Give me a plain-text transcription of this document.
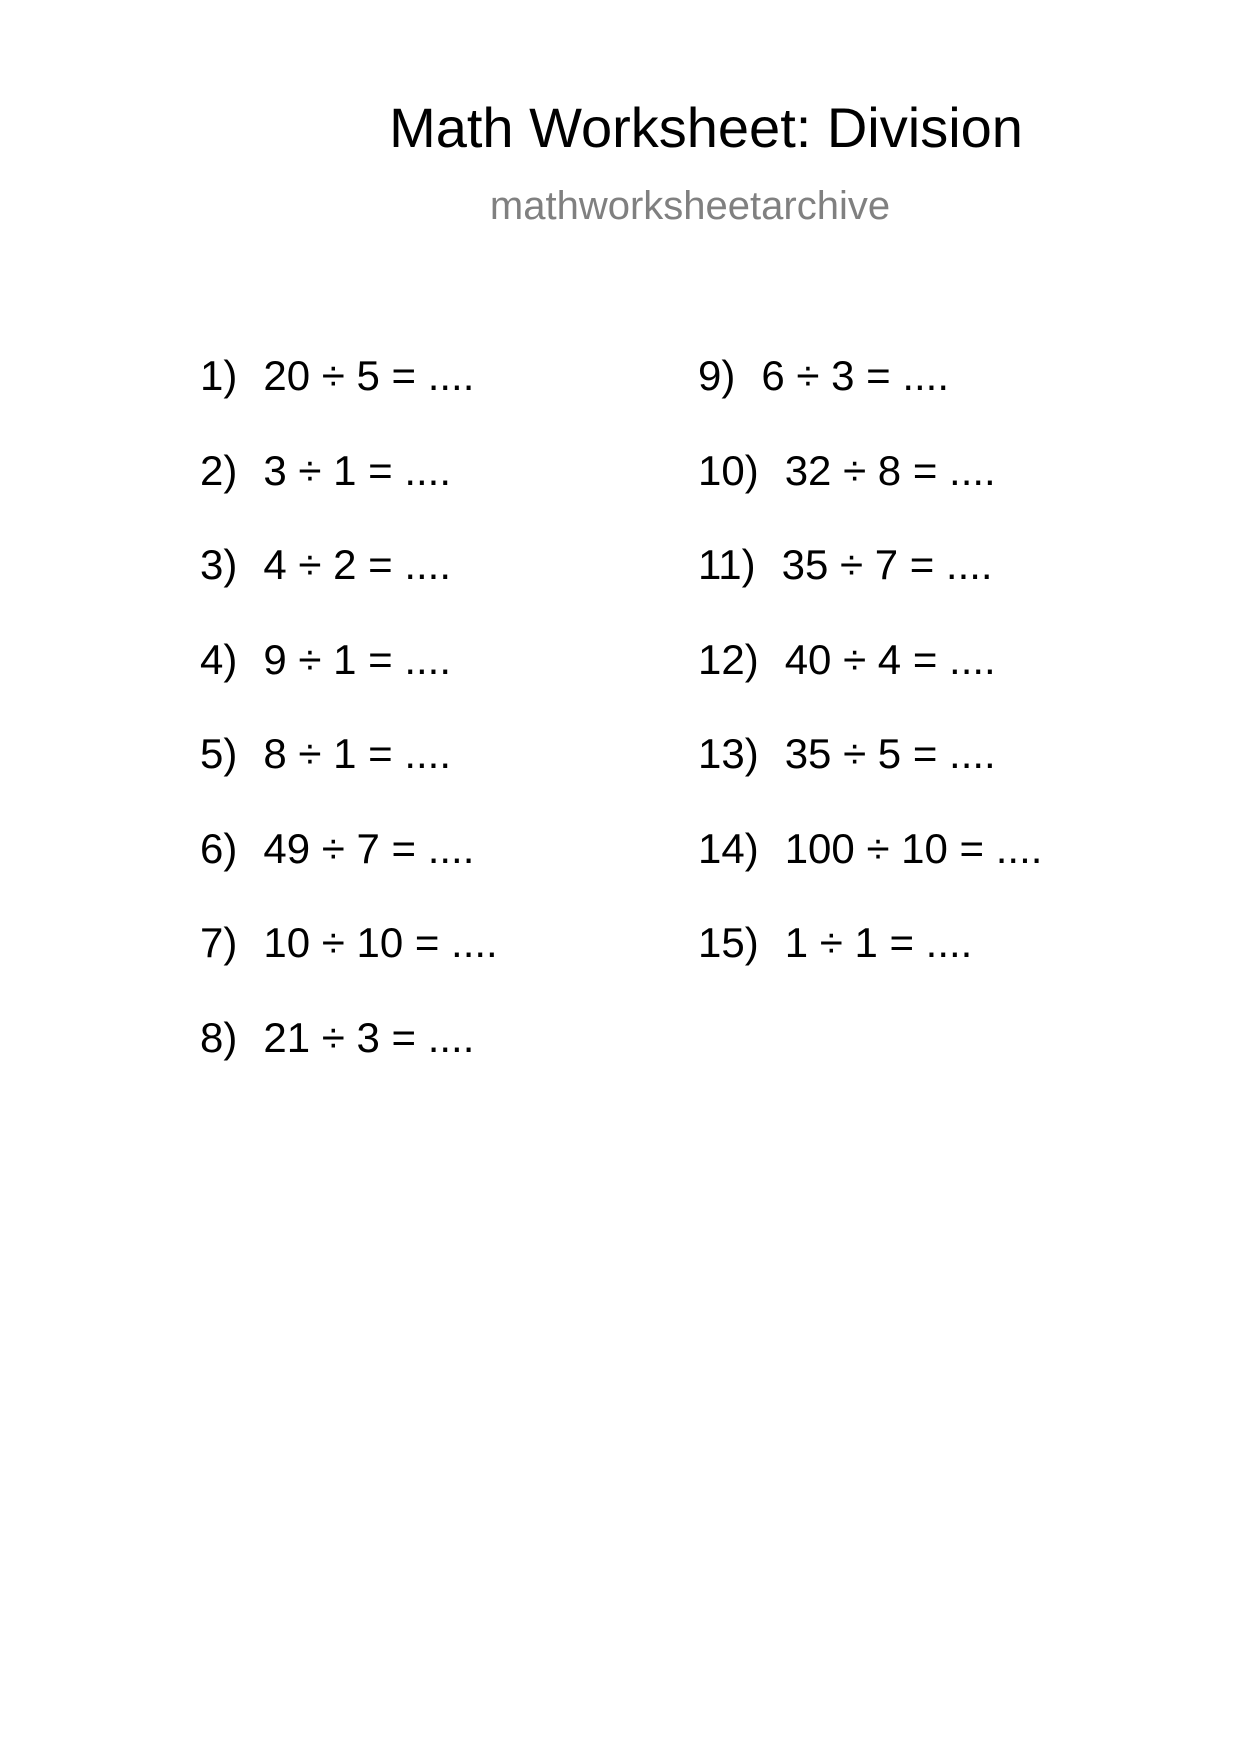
Math Worksheet: Division
mathworksheetarchive
1) 20 ÷ 5 = ....
2) 3 ÷ 1 = ....
3) 4 ÷ 2 = ....
4) 9 ÷ 1 = ....
5) 8 ÷ 1 = ....
6) 49 ÷ 7 = ....
7) 10 ÷ 10 = ....
8) 21 ÷ 3 = ....
9) 6 ÷ 3 = ....
10) 32 ÷ 8 = ....
11) 35 ÷ 7 = ....
12) 40 ÷ 4 = ....
13) 35 ÷ 5 = ....
14) 100 ÷ 10 = ....
15) 1 ÷ 1 = ....
